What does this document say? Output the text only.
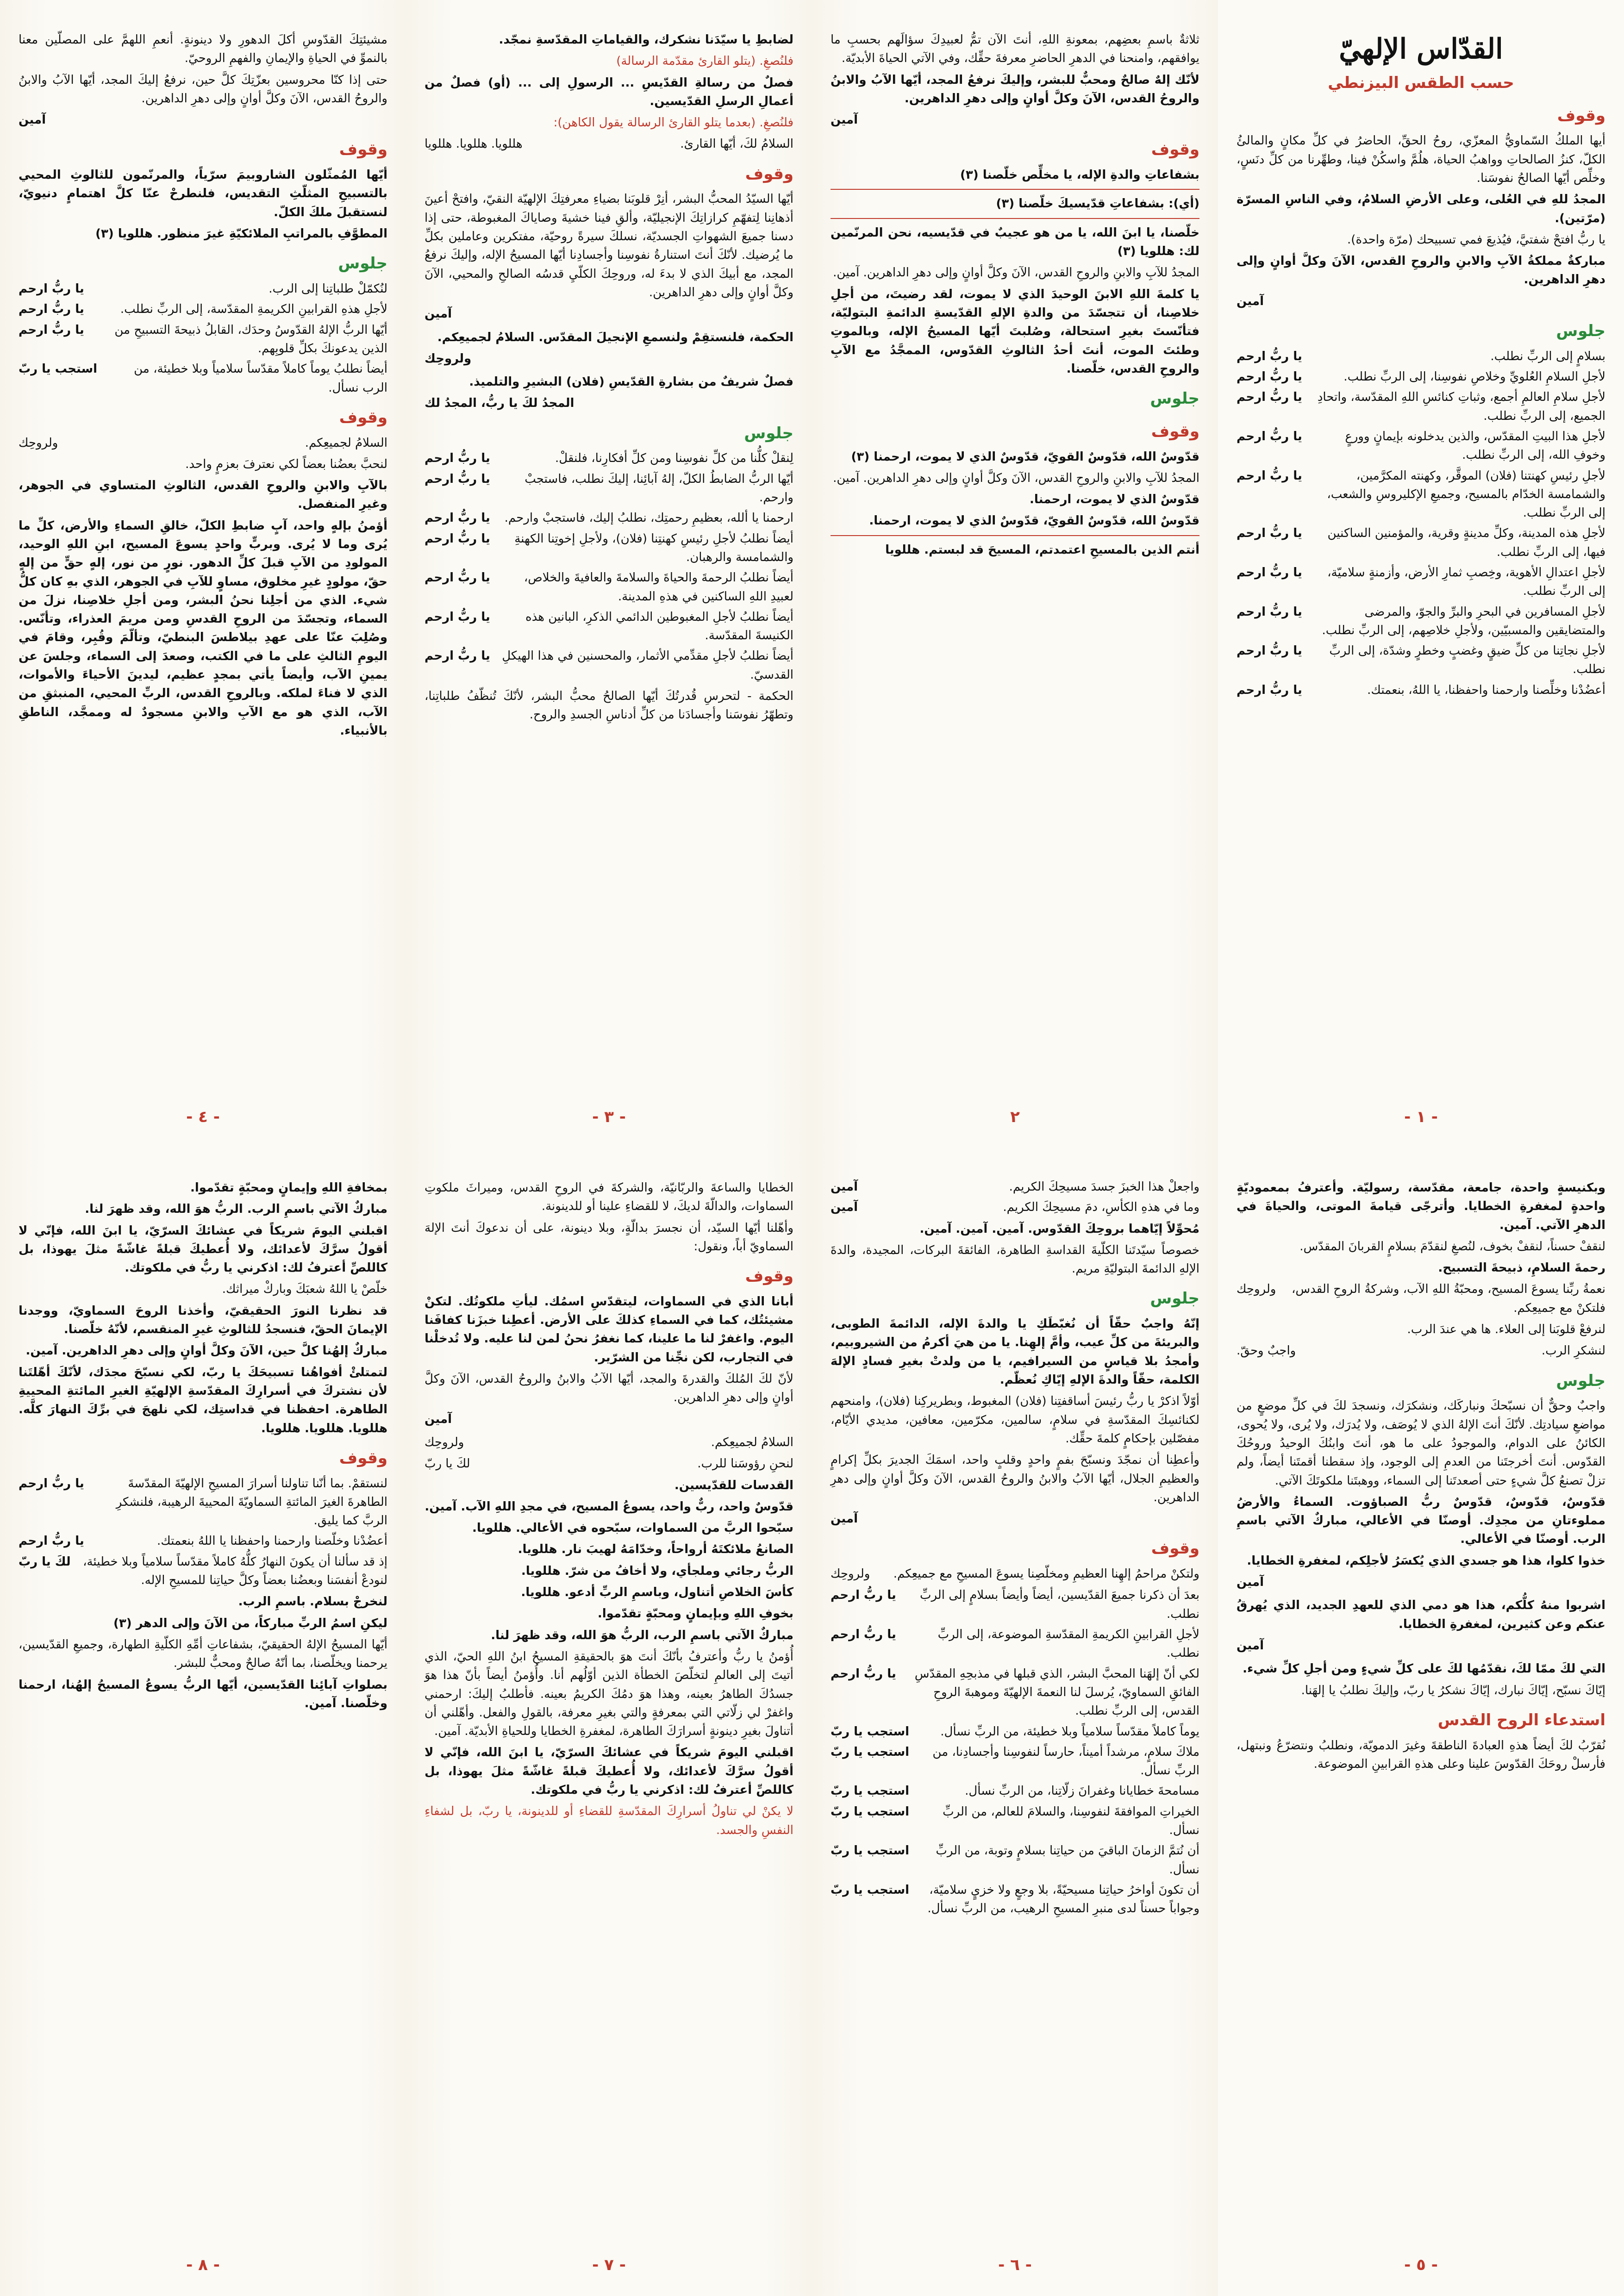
القدّاس الإلهيّ
حسب الطقس البيزنطي
وقوف

أيها الملكُ السّماويُّ المعزّي، روحُ الحقِّ، الحاضرُ في كلِّ مكانٍ والمالئُ الكلّ، كنزُ الصالحاتِ وواهبُ الحياة، هلُمَّ واسكُنْ فينا، وطهِّرنا من كلِّ دنَسٍ، وخلِّص أيّها الصالحُ نفوسَنا.

المجدُ للهِ في العُلى، وعلى الأرضِ السلامُ، وفي الناسِ المسرّة (مرّتين).

يا ربُّ افتحْ شفتيَّ، فيُذيعَ فمي تسبيحك (مرّة واحدة).

مباركةٌ مملكةُ الآبِ والابنِ والروحِ القدس، الآنَ وكلَّ أوانٍ وإلى دهرِ الداهرين.

آمين
جلوس
بسلامٍ إلى الربِّ نطلب.
يا ربُّ ارحم
لأجلِ السلامِ العُلويِّ وخلاصِ نفوسِنا، إلى الربِّ نطلب.
يا ربُّ ارحم
لأجلِ سلامِ العالمِ أجمع، وثباتِ كنائسِ اللهِ المقدّسة، واتحادِ الجميع، إلى الربِّ نطلب.
يا ربُّ ارحم
لأجلِ هذا البيتِ المقدّس، والذين يدخلونه بإيمانٍ وورعٍ وخوفِ الله، إلى الربِّ نطلب.
يا ربُّ ارحم
لأجلِ رئيسِ كهنتنا (فلان) الموقَّر، وكهنته المكرَّمين، والشمامسة الخدّام بالمسيح، وجميعِ الإكليروسِ والشعب، إلى الربِّ نطلب.
يا ربُّ ارحم
لأجلِ هذه المدينة، وكلِّ مدينةٍ وقرية، والمؤمنين الساكنين فيها، إلى الربِّ نطلب.
يا ربُّ ارحم
لأجلِ اعتدالِ الأهوية، وخِصبِ ثمارِ الأرض، وأزمنةٍ سلاميّة، إلى الربِّ نطلب.
يا ربُّ ارحم
لأجلِ المسافرين في البحرِ والبرِّ والجوّ، والمرضى والمتضايقين والمسبيّين، ولأجلِ خلاصِهم، إلى الربِّ نطلب.
يا ربُّ ارحم
لأجلِ نجاتِنا من كلِّ ضيقٍ وغضبٍ وخطرٍ وشدّة، إلى الربِّ نطلب.
يا ربُّ ارحم
أعضُدْنا وخلِّصنا وارحمنا واحفظنا، يا اللهُ، بنعمتك.
يا ربُّ ارحم
- ١ -

ثلاثةٌ باسمِ بعضِهم، بمعونةِ اللهِ، أنتَ الآن تمُّ لعبيدِكَ سؤالَهم بحسبِ ما يوافقهم، وامنحنا في الدهرِ الحاضرِ معرفةَ حقِّك، وفي الآتي الحياةَ الأبديّة.

لأنّك إلهٌ صالحٌ ومحبٌّ للبشر، وإليكَ نرفعُ المجد، أيّها الآبُ والابنُ والروحُ القدس، الآنَ وكلَّ أوانٍ وإلى دهرِ الداهرين.

آمين
وقوف

بشفاعاتِ والدةِ الإله، يا مخلِّص خلّصنا (٣)

(أي): بشفاعاتِ قدّيسيكَ خلّصنا (٣)

خلّصنا، يا ابنَ الله، يا من هو عجيبٌ في قدّيسيه، نحن المرنّمين لك: هللويا (٣)

المجدُ للآبِ والابنِ والروحِ القدس، الآنَ وكلَّ أوانٍ وإلى دهرِ الداهرين. آمين.

يا كلمةَ اللهِ الابنَ الوحيدَ الذي لا يموت، لقد رضيتَ، من أجلِ خلاصِنا، أن تتجسّدَ من والدةِ الإلهِ القدّيسةِ الدائمةِ البتوليّة، فتأنّستَ بغيرِ استحالة، وصُلبتَ أيّها المسيحُ الإله، وبالموتِ وطئتَ الموت، أنتَ أحدُ الثالوثِ القدّوس، الممجَّدُ مع الآبِ والروحِ القدس، خلّصنا.

جلوس
وقوف

قدّوسٌ الله، قدّوسٌ القويّ، قدّوسٌ الذي لا يموت، ارحمنا (٣)

المجدُ للآبِ والابنِ والروحِ القدس، الآنَ وكلَّ أوانٍ وإلى دهرِ الداهرين. آمين.

قدّوسٌ الذي لا يموت، ارحمنا.

قدّوسٌ الله، قدّوسٌ القويّ، قدّوسٌ الذي لا يموت، ارحمنا.

أنتم الذين بالمسيحِ اعتمدتم، المسيحَ قد لبستم. هللويا

٢

لضابطِ يا سيّدَنا نشكرك، والقياماتِ المقدّسةِ نمجّد.

فلنُصغِ. (يتلو القارئ مقدّمة الرسالة)

فصلٌ من رسالةِ القدّيسِ ... الرسولِ إلى ... (أو) فصلٌ من أعمالِ الرسلِ القدّيسين.

فلنُصغِ. (بعدما يتلو القارئ الرسالة يقول الكاهن):

السلامُ لكَ، أيّها القارئ.
هللويا. هللويا. هللويا
وقوف

أيّها السيّدُ المحبُّ البشر، أنِرْ قلوبَنا بضياءِ معرفتِكَ الإلهيّة النقيّ، وافتحْ أعينَ أذهانِنا لِتفهّمِ كرازاتِكَ الإنجيليّة، وألقِ فينا خشيةَ وصاياكَ المغبوطة، حتى إذا دسنا جميعَ الشهواتِ الجسديّة، نسلكَ سيرةً روحيّة، مفتكرين وعاملين بكلِّ ما يُرضيك. لأنّكَ أنتَ استنارةُ نفوسِنا وأجسادِنا أيّها المسيحُ الإله، وإليكَ نرفعُ المجد، مع أبيكَ الذي لا بدءَ له، وروحِكَ الكلّيِ قدسُه الصالحِ والمحيي، الآنَ وكلَّ أوانٍ وإلى دهرِ الداهرين.

آمين

الحكمة، فلنستقِمْ ولنسمعِ الإنجيلَ المقدّس. السلامُ لجميعِكم.

ولروحِك

فصلٌ شريفٌ من بشارةِ القدّيسِ (فلان) البشيرِ والتلميذ.

المجدُ لكَ يا ربُّ، المجدُ لك
جلوس
لِنقلْ كلُّنا من كلِّ نفوسِنا ومن كلِّ أفكارِنا، فلنقلْ.
يا ربُّ ارحم
أيّها الربُّ الضابطُ الكلّ، إلهُ آبائِنا، إليكَ نطلب، فاستجبْ وارحم.
يا ربُّ ارحم
ارحمنا يا ألله، بعظيمِ رحمتِك، نطلبُ إليك، فاستجبْ وارحم.
يا ربُّ ارحم
أيضاً نطلبُ لأجلِ رئيسِ كهنتِنا (فلان)، ولأجلِ إخوتِنا الكهنةِ والشمامسة والرهبان.
يا ربُّ ارحم
أيضاً نطلبُ الرحمةَ والحياةَ والسلامةَ والعافيةَ والخلاص، لعبيدِ اللهِ الساكنين في هذهِ المدينة.
يا ربُّ ارحم
أيضاً نطلبُ لأجلِ المغبوطين الدائمي الذكرِ، البانين هذه الكنيسةَ المقدّسة.
يا ربُّ ارحم
أيضاً نطلبُ لأجلِ مقدِّمي الأثمار، والمحسنين في هذا الهيكلِ القدسيّ.
يا ربُّ ارحم

الحكمة - لتحرسِ قُدرتُكَ أيّها الصالحُ محبُّ البشر، لأنّكَ تُنظّفُ طلباتِنا، وتطهّرُ نفوسَنا وأجسادَنا من كلِّ أدناسِ الجسدِ والروح.

- ٣ -

مشيئتِكَ القدّوسِ أكلَ الدهورِ ولا دينونةٍ. أنعمِ اللهمَّ على المصلّين معنا بالنموِّ في الحياةِ والإيمانِ والفهمِ الروحيّ.

حتى إذا كنّا محروسين بعزّتِكَ كلَّ حين، نرفعُ إليكَ المجد، أيّها الآبُ والابنُ والروحُ القدس، الآنَ وكلَّ أوانٍ وإلى دهرِ الداهرين.

آمين
وقوف

أيّها المُمثّلون الشاروبيمَ سرّياً، والمرنّمون للثالوثِ المحيي بالتسبيحِ المثلّثِ التقديس، فلنطرحْ عنّا كلَّ اهتمامٍ دنيويّ، لنستقبلَ ملكَ الكلّ.

المطوَّفِ بالمراتبِ الملائكيّةِ غيرَ منظور. هللويا (٣)

جلوس
لنُكمّلْ طلباتِنا إلى الرب.
يا ربُّ ارحم
لأجلِ هذهِ القرابينِ الكريمةِ المقدّسة، إلى الربِّ نطلب.
يا ربُّ ارحم
أيّها الربُّ الإلهُ القدّوسُ وحدَك، القابلُ ذبيحةَ التسبيحِ من الذين يدعونكَ بكلِّ قلوبِهم.
يا ربُّ ارحم
أيضاً نطلبُ يوماً كاملاً مقدّساً سلامياً وبلا خطيئة، من الرب نسأل.
استجب يا ربّ
وقوف
السلامُ لجميعِكم.
ولروحِك

لنحبَّ بعضُنا بعضاً لكي نعترفَ بعزمٍ واحد.

بالآبِ والابنِ والروحِ القدس، الثالوثِ المتساوي في الجوهر، وغيرِ المنفصل.

أؤمنُ بإلهٍ واحد، آبٍ ضابطِ الكلّ، خالقِ السماءِ والأرض، كلِّ ما يُرى وما لا يُرى. وبربٍّ واحدٍ يسوعَ المسيح، ابنِ اللهِ الوحيد، المولودِ من الآبِ قبلَ كلِّ الدهور. نورٍ من نور، إلهٍ حقٍّ من إلهٍ حقّ، مولودٍ غيرِ مخلوق، مساوٍ للآبِ في الجوهر، الذي بهِ كان كلُّ شيء. الذي من أجلِنا نحنُ البشر، ومن أجلِ خلاصِنا، نزلَ من السماء، وتجسّدَ من الروحِ القدسِ ومن مريمَ العذراء، وتأنّس. وصُلِبَ عنّا على عهدِ بيلاطسَ البنطيّ، وتألّمَ وقُبِر، وقامَ في اليومِ الثالثِ على ما في الكتب، وصعدَ إلى السماء، وجلسَ عن يمينِ الآب، وأيضاً يأتي بمجدٍ عظيم، ليدينَ الأحياءَ والأموات، الذي لا فناءَ لملكه. وبالروحِ القدس، الربِّ المحيي، المنبثقِ من الآب، الذي هو مع الآبِ والابنِ مسجودٌ له وممجَّد، الناطقِ بالأنبياء.

- ٤ -

وبكنيسةٍ واحدة، جامعة، مقدّسة، رسوليّة. وأعترفُ بمعموديّةٍ واحدةٍ لمغفرةِ الخطايا. وأترجّى قيامةَ الموتى، والحياةَ في الدهرِ الآتي. آمين.

لنقفْ حسناً، لنقفْ بخوف، لنُصغِ لنقدّمَ بسلامٍ القربانَ المقدّس.

رحمةَ السلامِ، ذبيحةَ التسبيح.

نعمةُ ربِّنا يسوعَ المسيح، ومحبّةُ اللهِ الآب، وشركةُ الروحِ القدس، فلتكنْ مع جميعِكم.
ولروحِك

لنرفعْ قلوبَنا إلى العلاء. ها هي عندَ الرب.

لنشكرِ الرب.
واجبٌ وحقّ.
جلوس

واجبٌ وحقٌّ أن نسبّحكَ ونباركَك، ونشكرَك، ونسجدَ لكَ في كلِّ موضعٍ من مواضعِ سيادتِك. لأنّكَ أنتَ الإلهُ الذي لا يُوصَف، ولا يُدرَك، ولا يُرى، ولا يُحوى، الكائنُ على الدوام، والموجودُ على ما هو، أنتَ وابنُكَ الوحيدُ وروحُكَ القدّوس. أنتَ أخرجتَنا من العدمِ إلى الوجود، وإذ سقطنا أقمتَنا أيضاً، ولم تزلْ تصنعُ كلَّ شيءٍ حتى أصعدتَنا إلى السماء، ووهبتَنا ملكوتَكَ الآتي.

قدّوسٌ، قدّوسٌ، قدّوسٌ ربُّ الصباؤوت. السماءُ والأرضُ مملوءتانِ من مجدِك. أوصنّا في الأعالي، مباركٌ الآتي باسمِ الرب. أوصنّا في الأعالي.

خذوا كلوا، هذا هو جسدي الذي يُكسَرُ لأجلِكم، لمغفرةِ الخطايا.

آمين

اشربوا منهُ كلُّكم، هذا هو دمي الذي للعهدِ الجديد، الذي يُهرقُ عنكم وعن كثيرين، لمغفرةِ الخطايا.

آمين

التي لكَ ممّا لكَ، نقدّمُها لكَ على كلِّ شيءٍ ومن أجلِ كلِّ شيء.

إيّاكَ نسبّح، إيّاكَ نبارك، إيّاكَ نشكرُ يا ربّ، وإليكَ نطلبُ يا إلهَنا.

استدعاء الروح القدس

نُقرّبُ لكَ أيضاً هذهِ العبادةَ الناطقةَ وغيرَ الدمويّة، ونطلبُ ونتضرّعُ ونبتهل، فأرسلْ روحَكَ القدّوسَ علينا وعلى هذهِ القرابينِ الموضوعة.

- ٥ -
واجعلْ هذا الخبزَ جسدَ مسيحِكَ الكريم.
آمين
وما في هذهِ الكأسِ، دمَ مسيحِكَ الكريم.
آمين

مُحوِّلاً إيّاهما بروحِكَ القدّوس. آمين. آمين. آمين.

خصوصاً سيّدتَنا الكلّيةَ القداسةِ الطاهرة، الفائقةَ البركات، المجيدة، والدةَ الإلهِ الدائمةَ البتوليّةِ مريم.

جلوس

إنّهُ واجبٌ حقّاً أن نُغبّطَكِ يا والدةَ الإله، الدائمةَ الطوبى، والبريئةَ من كلِّ عيب، وأمَّ إلهِنا. يا من هيَ أكرمُ من الشيروبيم، وأمجدُ بلا قياسٍ من السيرافيم، يا من ولدتْ بغيرِ فسادٍ الإلهَ الكلمة، حقّاً والدةَ الإلهِ إيّاكِ نُعظّم.

أوّلاً اذكرْ يا ربُّ رئيسَ أساقفتِنا (فلان) المغبوط، وبطريركِنا (فلان)، وامنحهم لكنائسِكَ المقدّسةِ في سلامٍ، سالمين، مكرّمين، معافين، مديدي الأيّام، مفصّلين بإحكامٍ كلمةَ حقِّك.

وأعطِنا أن نمجّدَ ونسبّحَ بفمٍ واحدٍ وقلبٍ واحد، اسمَكَ الجديرَ بكلِّ إكرامٍ والعظيمِ الجلال، أيّها الآبُ والابنُ والروحُ القدس، الآنَ وكلَّ أوانٍ وإلى دهرِ الداهرين.

آمين
وقوف
ولتكنْ مراحمُ إلهِنا العظيمِ ومخلّصِنا يسوعَ المسيحِ مع جميعِكم.
ولروحِك
بعدَ أن ذكرنا جميعَ القدّيسين، أيضاً وأيضاً بسلامٍ إلى الربِّ نطلب.
يا ربُّ ارحم
لأجلِ القرابينِ الكريمةِ المقدّسةِ الموضوعة، إلى الربِّ نطلب.
يا ربُّ ارحم
لكي أنّ إلهَنا المحبَّ البشر، الذي قبلها في مذبحِهِ المقدّسِ الفائقِ السماويّ، يُرسلَ لنا النعمةَ الإلهيّةَ وموهبةَ الروحِ القدس، إلى الربِّ نطلب.
يا ربُّ ارحم
يوماً كاملاً مقدّساً سلامياً وبلا خطيئة، من الربِّ نسأل.
استجب يا ربّ
ملاكَ سلامٍ، مرشداً أميناً، حارساً لنفوسِنا وأجسادِنا، من الربِّ نسأل.
استجب يا ربّ
مسامحةَ خطايانا وغفرانَ زلّاتِنا، من الربِّ نسأل.
استجب يا ربّ
الخيراتِ الموافقةَ لنفوسِنا، والسلامَ للعالم، من الربِّ نسأل.
استجب يا ربّ
أن نُتمَّ الزمانَ الباقيَ من حياتِنا بسلامٍ وتوبة، من الربِّ نسأل.
استجب يا ربّ
أن تكونَ أواخرُ حياتِنا مسيحيّةً، بلا وجعٍ ولا خزيٍ سلاميّة، وجواباً حسناً لدى منبرِ المسيحِ الرهيب، من الربِّ نسأل.
استجب يا ربّ
- ٦ -

الخطايا والساعةَ والربّانيّة، والشركةَ في الروحِ القدس، وميراثَ ملكوتِ السماوات، والدالّةَ لديكَ، لا للقضاءِ علينا أو للدينونة.

وأهّلنا أيّها السيّد، أن نجسرَ بدالّةٍ، وبلا دينونة، على أن ندعوكَ أنتَ الإلهَ السماويّ أباً، ونقول:

وقوف

أبانا الذي في السماوات، ليتقدّسِ اسمُك. ليأتِ ملكوتُك. لتكنْ مشيئتُك، كما في السماءِ كذلكَ على الأرض. أعطِنا خبزَنا كفافَنا اليوم. واغفرْ لنا ما علينا، كما نغفرُ نحنُ لمن لنا عليه. ولا تُدخلْنا في التجارب، لكن نجِّنا من الشرّير.

لأنّ لكَ المُلكَ والقدرةَ والمجد، أيّها الآبُ والابنُ والروحُ القدس، الآنَ وكلَّ أوانٍ وإلى دهرِ الداهرين.

آمين
السلامُ لجميعِكم.
ولروحِك
لنحنِ رؤوسَنا للرب.
لكَ يا ربّ

القدسات للقدّيسين.

قدّوسٌ واحد، ربٌّ واحد، يسوعُ المسيح، في مجدِ اللهِ الآب. آمين.

سبّحوا الربَّ من السماوات، سبّحوه في الأعالي. هللويا.

الصانعُ ملائكتَهُ أرواحاً، وخدّامَهُ لهيبَ نار. هللويا.

الربُّ رجائي وملجأي، ولا أخافُ من شرّ. هللويا.

كأسَ الخلاصِ أتناول، وباسمِ الربِّ أدعو. هللويا.

بخوفِ اللهِ وبإيمانٍ ومحبّةٍ تقدّموا.

مباركٌ الآتي باسمِ الرب، الربُّ هوَ الله، وقد ظهرَ لنا.

أُؤمنُ يا ربُّ وأعترفُ بأنّكَ أنتَ هوَ بالحقيقةِ المسيحُ ابنُ اللهِ الحيّ، الذي أتيتَ إلى العالمِ لتخلّصَ الخطأة الذين أوّلُهم أنا. وأُؤمنُ أيضاً بأنّ هذا هوَ جسدُكَ الطاهرُ بعينه، وهذا هوَ دمُكَ الكريمُ بعينه. فأطلبُ إليكَ: ارحمني واغفرْ لي زلّاتي التي بمعرفةٍ والتي بغيرِ معرفة، بالقولِ والفعل. وأهّلني أن أتناولَ بغيرِ دينونةٍ أسرارَكَ الطاهرة، لمغفرةِ الخطايا وللحياةِ الأبديّة. آمين.

اقبلني اليومَ شريكاً في عشائكَ السرّيّ، يا ابنَ الله، فإنّي لا أقولُ سرَّكَ لأعدائك، ولا أُعطيكَ قبلةً غاشّةً مثلَ يهوذا، بل كاللصِّ أعترفُ لك: اذكرني يا ربُّ في ملكوتك.

لا يكنْ لي تناولُ أسرارِكَ المقدّسةِ للقضاءِ أو للدينونة، يا ربّ، بل لشفاءِ النفسِ والجسد.

- ٧ -

بمخافةِ اللهِ وإيمانٍ ومحبّةٍ تقدّموا.

مباركٌ الآتي باسمِ الرب. الربُّ هوَ الله، وقد ظهرَ لنا.

اقبلني اليومَ شريكاً في عشائكَ السرّيّ، يا ابنَ الله، فإنّي لا أقولُ سرَّكَ لأعدائك، ولا أُعطيكَ قبلةً غاشّةً مثلَ يهوذا، بل كاللصِّ أعترفُ لك: اذكرني يا ربُّ في ملكوتك.

خلّصْ يا اللهُ شعبَكَ وباركْ ميراثك.

قد نظرنا النورَ الحقيقيّ، وأخذنا الروحَ السماويّ، ووجدنا الإيمانَ الحقّ، فنسجدُ للثالوثِ غيرِ المنقسم، لأنّهُ خلّصنا.

مباركٌ إلهُنا كلَّ حين، الآنَ وكلَّ أوانٍ وإلى دهرِ الداهرين. آمين.

لتمتلئْ أفواهُنا تسبيحَكَ يا ربّ، لكي نسبّحَ مجدَك، لأنّكَ أهّلتَنا لأن نشتركَ في أسرارِكَ المقدّسةِ الإلهيّةِ الغيرِ المائتةِ المحييةِ الطاهرة. احفظنا في قداستِك، لكي نلهجَ في برِّكَ النهارَ كلَّه. هللويا. هللويا. هللويا.

وقوف
لنستقمْ. بما أنّنا تناولنا أسرارَ المسيحِ الإلهيّةَ المقدّسةَ الطاهرةَ الغيرَ المائتةِ السماويّةَ المحييةَ الرهيبة، فلنشكرِ الربَّ كما يليق.
يا ربُّ ارحم
أعضُدْنا وخلّصنا وارحمنا واحفظنا يا اللهُ بنعمتك.
يا ربُّ ارحم
إذ قد سألنا أن يكونَ النهارُ كلُّهُ كاملاً مقدّساً سلامياً وبلا خطيئة، لنودعْ أنفسَنا وبعضُنا بعضاً وكلَّ حياتِنا للمسيحِ الإله.
لكَ يا ربّ

لنخرجْ بسلام. باسمِ الرب.

ليكنِ اسمُ الربِّ مباركاً، من الآنَ وإلى الدهر (٣)

أيّها المسيحُ الإلهُ الحقيقيّ، بشفاعاتِ أمِّهِ الكلّيةِ الطهارة، وجميعِ القدّيسين، يرحمنا ويخلّصنا، بما أنّهُ صالحٌ ومحبٌّ للبشر.

بصلواتِ آبائِنا القدّيسين، أيّها الربُّ يسوعُ المسيحُ إلهُنا، ارحمنا وخلّصنا. آمين.

- ٨ -
